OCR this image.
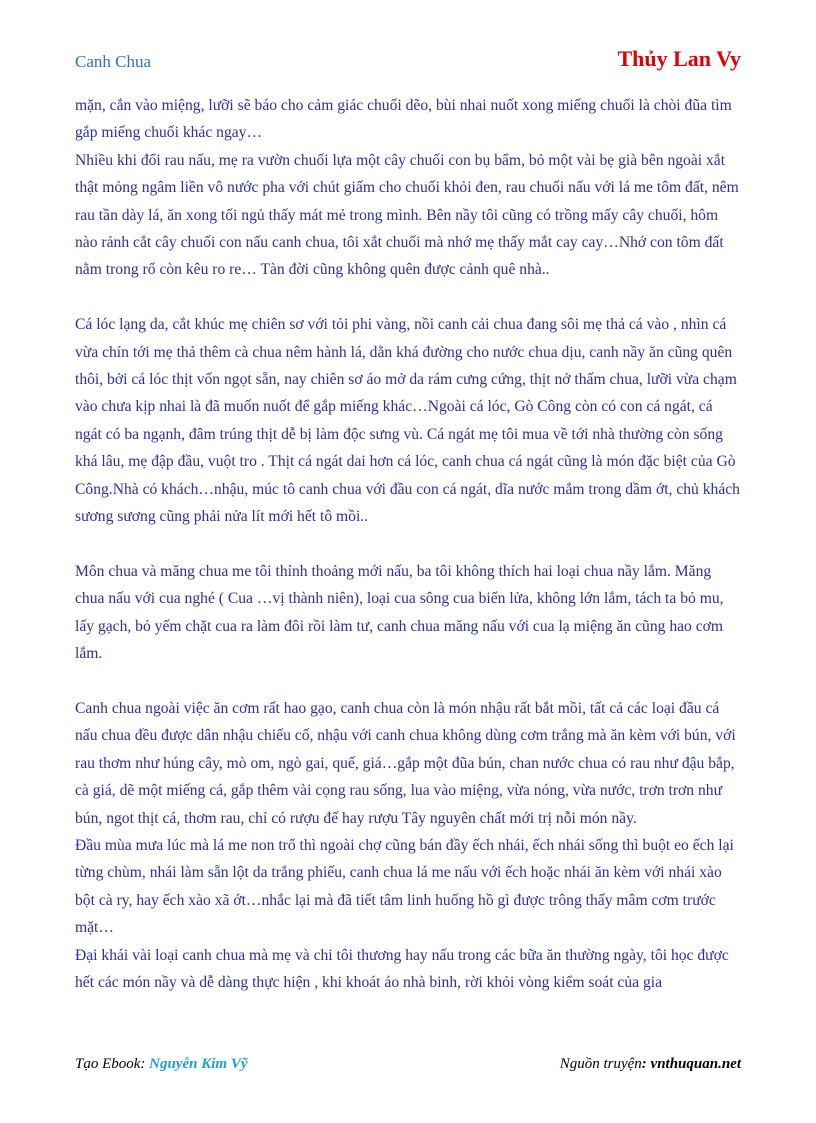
Canh Chua	Thủy Lan Vy

mặn, cắn vào miệng, lưỡi sẽ báo cho cảm giác chuối dẽo, bùi nhai nuốt xong miếng chuối là chòi đũa tìm gắp miếng chuối khác ngay…

Nhiều khi đổi rau nấu, mẹ ra vườn chuối lựa một cây chuối con bụ bẩm, bỏ một vài bẹ già bên ngoài xắt thật mỏng ngâm liền vô nước pha với chút giấm cho chuối khỏi đen, rau chuối nấu với lá me tôm đất, nêm rau tần dày lá, ăn xong tối ngủ thấy mát mẻ trong mình. Bên nầy tôi cũng có trồng mấy cây chuối, hôm nào rảnh cắt cây chuối con nấu canh chua, tôi xắt chuối mà nhớ mẹ thấy mắt cay cay…Nhớ con tôm đất nằm trong rổ còn kêu ro re… Tàn đời cũng không quên được cảnh quê nhà..

Cá lóc lạng da, cắt khúc mẹ chiên sơ với tỏi phi vàng, nồi canh cải chua đang sôi mẹ thả cá vào , nhìn cá vừa chín tới mẹ thả thêm cà chua nêm hành lá, dằn khá đường cho nước chua dịu, canh nầy ăn cũng quên thôi, bởi cá lóc thịt vốn ngọt sẵn, nay chiên sơ áo mở da rám cưng cứng, thịt nở thấm chua, lưỡi vừa chạm vào chưa kịp nhai là đã muốn nuốt để gắp miếng khác…Ngoài cá lóc, Gò Công còn có con cá ngát, cá ngát có ba ngạnh, đâm trúng thịt dễ bị làm độc sưng vù. Cá ngát mẹ tôi mua về tới nhà thường còn sống khá lâu, mẹ đập đầu, vuột tro . Thịt cá ngát dai hơn cá lóc, canh chua cá ngát cũng là món đặc biệt của Gò Công.Nhà có khách…nhậu, múc tô canh chua với đầu con cá ngát, dĩa nước mắm trong dầm ớt, chủ khách sương sương cũng phải nửa lít mới hết tô mồi..

Môn chua và măng chua me tôi thỉnh thoảng mới nấu, ba tôi không thích hai loại chua nầy lắm. Măng chua nấu với cua nghé ( Cua …vị thành niên), loại cua sông cua biển lửa, không lớn lắm, tách ta bỏ mu, lấy gạch, bỏ yếm chặt cua ra làm đôi rồi làm tư, canh chua măng nấu với cua lạ miệng ăn cũng hao cơm lắm.

Canh chua ngoài việc ăn cơm rất hao gạo, canh chua còn là món nhậu rất bắt mồi, tất cả các loại đầu cá nấu chua đều được dân nhậu chiếu cố, nhậu với canh chua không dùng cơm trắng mà ăn kèm với bún, với rau thơm như húng cây, mò om, ngò gai, quế, giá…gắp một đũa bún, chan nước chua có rau như đậu bắp, cà giá, dẽ một miếng cá, gắp thêm vài cọng rau sống, lua vào miệng, vừa nóng, vừa nước, trơn trơn như bún, ngot thịt cá, thơm rau, chỉ có rượu đế hay rượu Tây nguyên chất mới trị nỗi món nầy.

Đầu mùa mưa lúc mà lá me non trổ thì ngoài chợ cũng bán đầy ếch nhái, ếch nhái sống thì buột eo ếch lại từng chùm, nhái làm sẵn lột da trắng phiếu, canh chua lá me nấu với ếch hoặc nhái ăn kèm với nhái xào bột cà ry, hay ếch xào xã ớt…nhắc lại mà đã tiết tâm linh huống hồ gì được trông thấy mâm cơm trước mặt…

Đại khái vài loại canh chua mà mẹ và chi tôi thương hay nấu trong các bữa ăn thường ngày, tôi học được hết các món nầy và dễ dàng thực hiện , khi khoát áo nhà binh, rời khỏi vòng kiểm soát của gia

Tạo Ebook: Nguyễn Kim Vỹ	Nguồn truyện: vnthuquan.net
